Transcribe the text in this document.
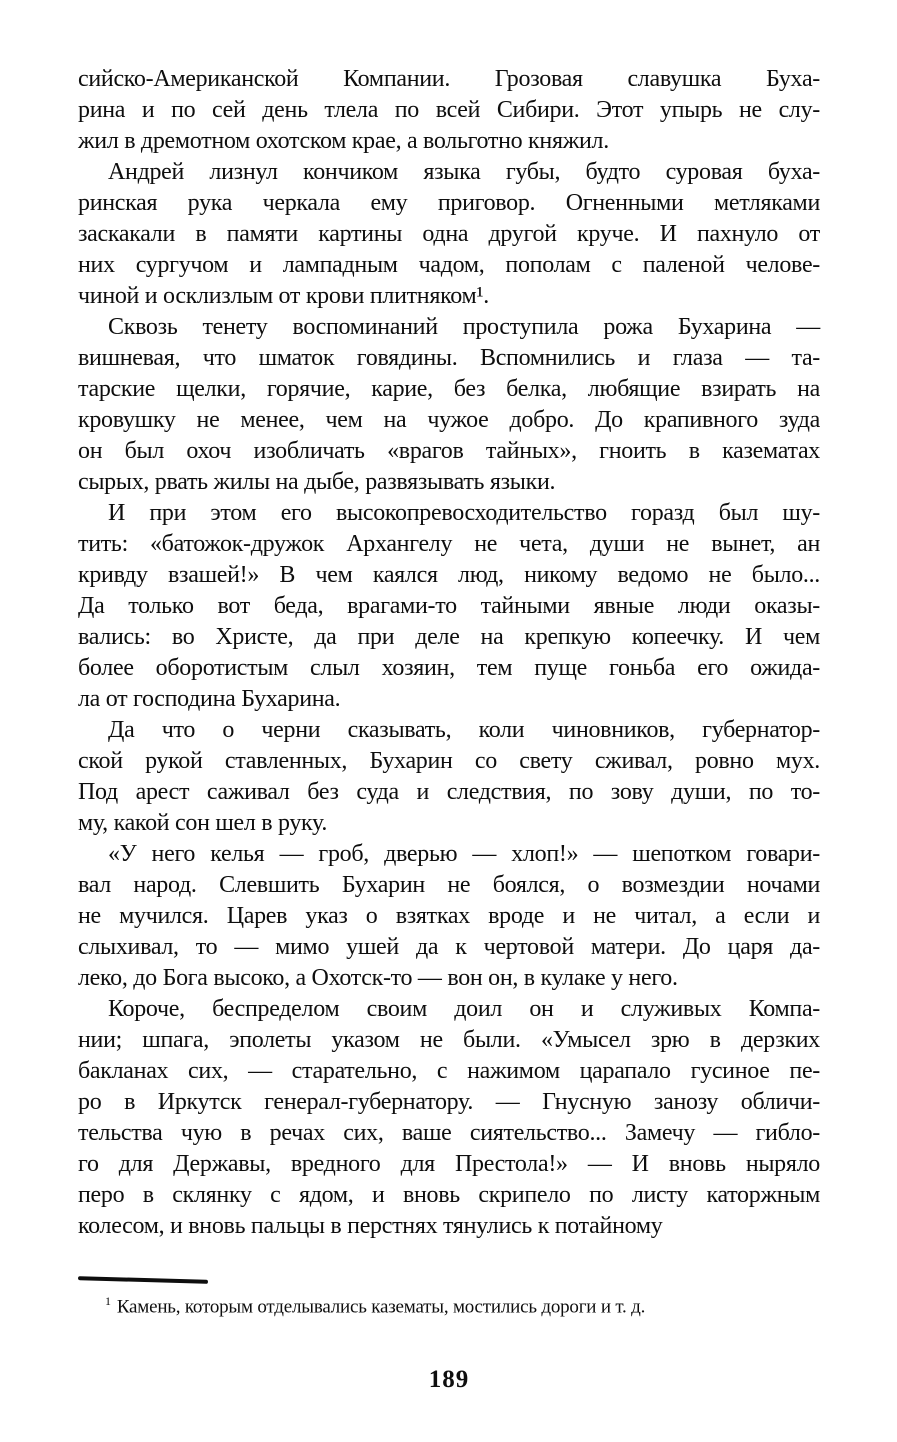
сийско-Американской Компании. Грозовая славушка Буха-
рина и по сей день тлела по всей Сибири. Этот упырь не слу-
жил в дремотном охотском крае, а вольготно княжил.

Андрей лизнул кончиком языка губы, будто суровая буха-
ринская рука черкала ему приговор. Огненными метляками
заскакали в памяти картины одна другой круче. И пахнуло от
них сургучом и лампадным чадом, пополам с паленой челове-
чиной и осклизлым от крови плитняком¹.

Сквозь тенету воспоминаний проступила рожа Бухарина —
вишневая, что шматок говядины. Вспомнились и глаза — та-
тарские щелки, горячие, карие, без белка, любящие взирать на
кровушку не менее, чем на чужое добро. До крапивного зуда
он был охоч изобличать «врагов тайных», гноить в казематах
сырых, рвать жилы на дыбе, развязывать языки.

И при этом его высокопревосходительство горазд был шу-
тить: «батожок-дружок Архангелу не чета, души не вынет, ан
кривду взашей!» В чем каялся люд, никому ведомо не было...
Да только вот беда, врагами-то тайными явные люди оказы-
вались: во Христе, да при деле на крепкую копеечку. И чем
более оборотистым слыл хозяин, тем пуще гоньба его ожида-
ла от господина Бухарина.

Да что о черни сказывать, коли чиновников, губернатор-
ской рукой ставленных, Бухарин со свету сживал, ровно мух.
Под арест саживал без суда и следствия, по зову души, по то-
му, какой сон шел в руку.

«У него келья — гроб, дверью — хлоп!» — шепотком говари-
вал народ. Слевшить Бухарин не боялся, о возмездии ночами
не мучился. Царев указ о взятках вроде и не читал, а если и
слыхивал, то — мимо ушей да к чертовой матери. До царя да-
леко, до Бога высоко, а Охотск-то — вон он, в кулаке у него.

Короче, беспределом своим доил он и служивых Компа-
нии; шпага, эполеты указом не были. «Умысел зрю в дерзких
бакланах сих, — старательно, с нажимом царапало гусиное пе-
ро в Иркутск генерал-губернатору. — Гнусную занозу обличи-
тельства чую в речах сих, ваше сиятельство... Замечу — гибло-
го для Державы, вредного для Престола!» — И вновь ныряло
перо в склянку с ядом, и вновь скрипело по листу каторжным
колесом, и вновь пальцы в перстнях тянулись к потайному

$^1$ Камень, которым отделывались казематы, мостились дороги и т. д.

189
